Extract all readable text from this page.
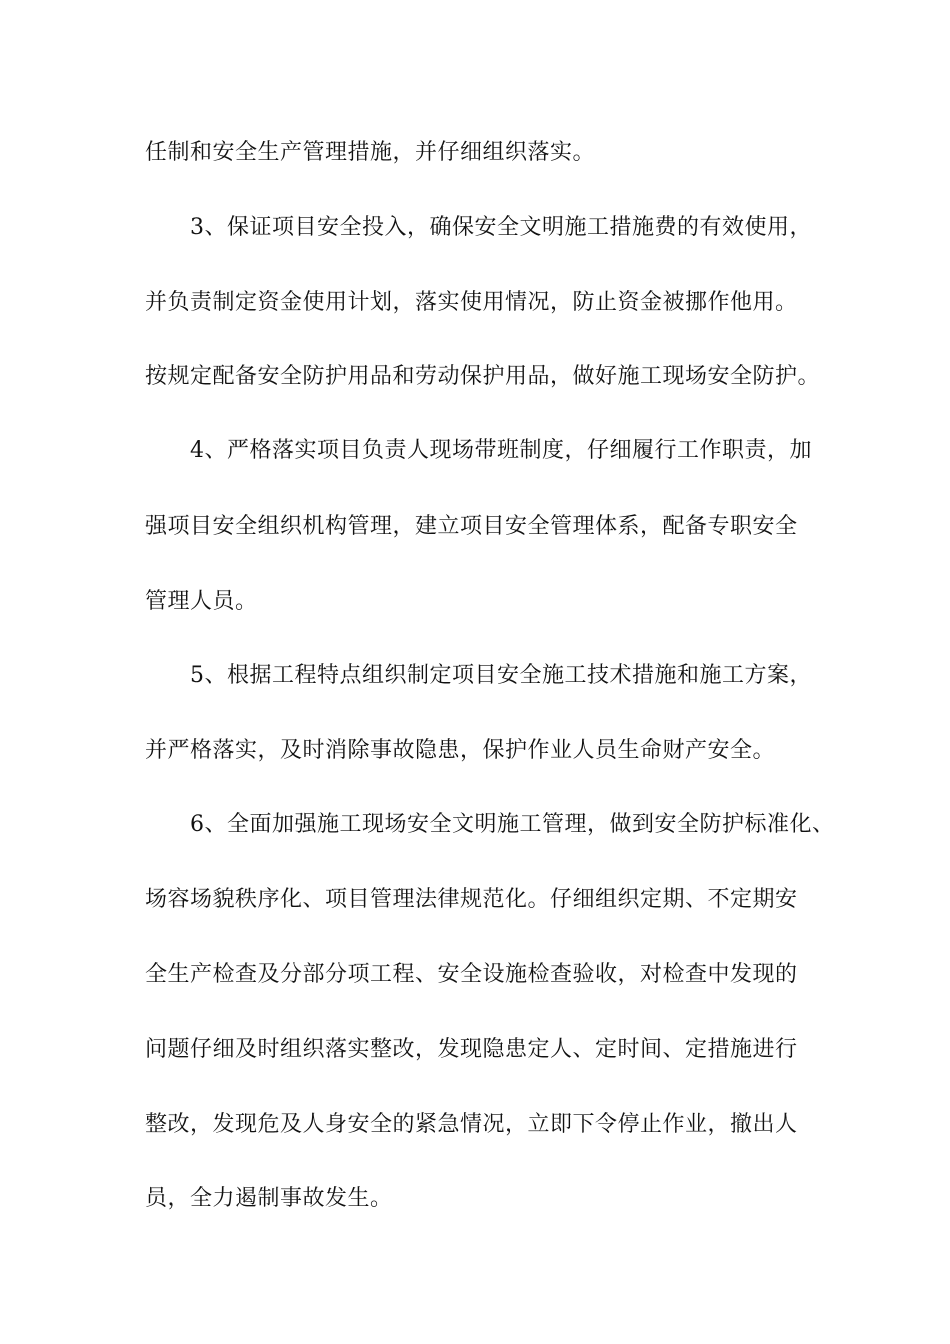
任制和安全生产管理措施，并仔细组织落实。
3、保证项目安全投入，确保安全文明施工措施费的有效使用，
并负责制定资金使用计划，落实使用情况，防止资金被挪作他用。
按规定配备安全防护用品和劳动保护用品，做好施工现场安全防护。
4、严格落实项目负责人现场带班制度，仔细履行工作职责，加
强项目安全组织机构管理，建立项目安全管理体系，配备专职安全
管理人员。
5、根据工程特点组织制定项目安全施工技术措施和施工方案，
并严格落实，及时消除事故隐患，保护作业人员生命财产安全。
6、全面加强施工现场安全文明施工管理，做到安全防护标准化、
场容场貌秩序化、项目管理法律规范化。仔细组织定期、不定期安
全生产检查及分部分项工程、安全设施检查验收，对检查中发现的
问题仔细及时组织落实整改，发现隐患定人、定时间、定措施进行
整改，发现危及人身安全的紧急情况，立即下令停止作业，撤出人
员，全力遏制事故发生。
